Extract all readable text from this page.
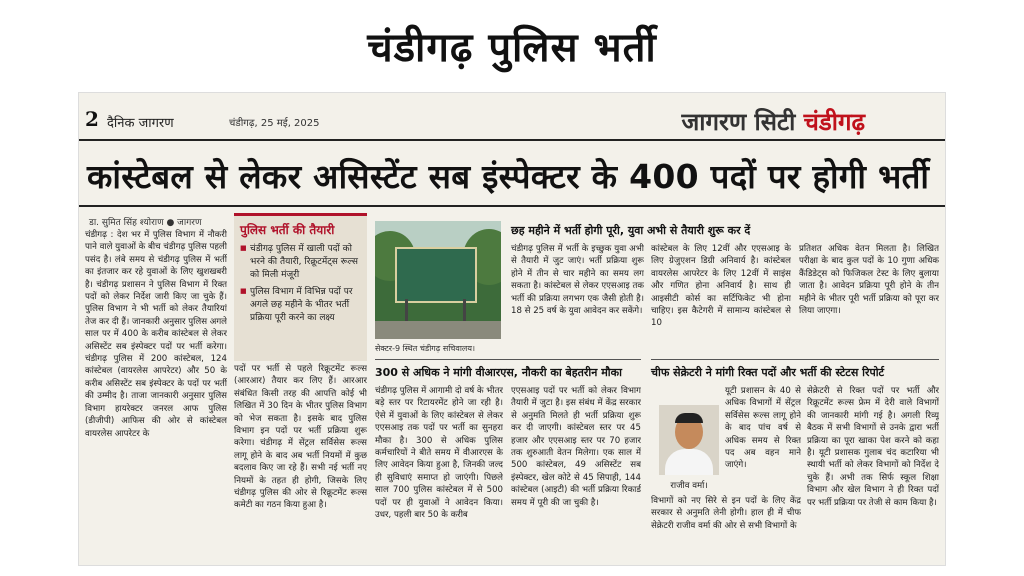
चंडीगढ़ पुलिस भर्ती
2 दैनिक जागरण	चंडीगढ़, 25 मई, 2025	जागरण सिटी चंडीगढ़
कांस्टेबल से लेकर असिस्टेंट सब इंस्पेक्टर के 400 पदों पर होगी भर्ती
डा. सुमित सिंह श्योराण ● जागरण
चंडीगढ़ : देश भर में पुलिस विभाग में नौकरी पाने वाले युवाओं के बीच चंडीगढ़ पुलिस पहली पसंद है। लंबे समय से चंडीगढ़ पुलिस में भर्ती का इंतजार कर रहे युवाओं के लिए खुशखबरी है। चंडीगढ़ प्रशासन ने पुलिस विभाग में रिक्त पदों को लेकर निर्देश जारी किए जा चुके हैं। पुलिस विभाग ने भी भर्ती को लेकर तैयारियां तेज कर दी हैं। जानकारी अनुसार पुलिस अगले साल पर में 400 के करीब कांस्टेबल से लेकर असिस्टेंट सब इंस्पेक्टर पदों पर भर्ती करेगा। चंडीगढ़ पुलिस में 200 कांस्टेबल, 124 कांस्टेबल (वायरलेस आपरेटर) और 50 के करीब असिस्टेंट सब इंस्पेक्टर के पदों पर भर्ती की उम्मीद है। ताजा जानकारी अनुसार पुलिस विभाग हायरेक्टर जनरल आफ पुलिस (डीजीपी) आफिस की ओर से कांस्टेबल वायरलेस आपरेटर के
पुलिस भर्ती की तैयारी
■ चंडीगढ़ पुलिस में खाली पदों को भरने की तैयारी, रिक्रूटमेंट्स रूल्स को मिली मंजूरी
■ पुलिस विभाग में विभिन्न पदों पर अगले छह महीने के भीतर भर्ती प्रक्रिया पूरी करने का लक्ष्य
पदों पर भर्ती से पहले रिक्रूटमेंट रूल्स (आरआर) तैयार कर लिए हैं। आरआर संबंधित किसी तरह की आपत्ति कोई भी लिखित में 30 दिन के भीतर पुलिस विभाग को भेज सकता है। इसके बाद पुलिस विभाग इन पदों पर भर्ती प्रक्रिया शुरू करेगा। चंडीगढ़ में सेंट्रल सर्विसेस रूल्स लागू होने के बाद अब भर्ती नियमों में कुछ बदलाव किए जा रहे हैं। सभी नई भर्ती नए नियमों के तहत ही होगी, जिसके लिए चंडीगढ़ पुलिस की ओर से रिक्रूटमेंट रूल्स कमेटी का गठन किया हुआ है।
सेक्टर-9 स्थित चंडीगढ़ सचिवालय।
छह महीने में भर्ती होगी पूरी, युवा अभी से तैयारी शुरू कर दें
चंडीगढ़ पुलिस में भर्ती के इच्छुक युवा अभी से तैयारी में जुट जाएं। भर्ती प्रक्रिया शुरू होने में तीन से चार महीने का समय लग सकता है। कांस्टेबल से लेकर एएसआइ तक भर्ती की प्रक्रिया लगभग एक जैसी होती है। 18 से 25 वर्ष के युवा आवेदन कर सकेंगे।
कांस्टेबल के लिए 12वीं और एएसआइ के लिए ग्रेजुएशन डिग्री अनिवार्य है। कांस्टेबल वायरलेस आपरेटर के लिए 12वीं में साइंस और गणित होना अनिवार्य है। साथ ही आइसीटी कोर्स का सर्टिफिकेट भी होना चाहिए। इस कैटेगरी में सामान्य कांस्टेबल से 10
प्रतिशत अधिक वेतन मिलता है। लिखित परीक्षा के बाद कुल पदों के 10 गुणा अधिक कैंडिडेट्स को फिजिकल टेस्ट के लिए बुलाया जाता है। आवेदन प्रक्रिया पूरी होने के तीन महीने के भीतर पूरी भर्ती प्रक्रिया को पूरा कर लिया जाएगा।
300 से अधिक ने मांगी वीआरएस, नौकरी का बेहतरीन मौका
चंडीगढ़ पुलिस में आगामी दो वर्ष के भीतर बड़े स्तर पर रिटायरमेंट होने जा रही है। ऐसे में युवाओं के लिए कांस्टेबल से लेकर एएसआइ तक पदों पर भर्ती का सुनहरा मौका है। 300 से अधिक पुलिस कर्मचारियों ने बीते समय में वीआरएस के लिए आवेदन किया हुआ है, जिनकी जल्द ही सुविधाएं समाप्त हो जाएंगी। पिछले साल 700 पुलिस कांस्टेबल में से 500 पदों पर ही युवाओं ने आवेदन किया। उधर, पहली बार 50 के करीब
एएसआइ पदों पर भर्ती को लेकर विभाग तैयारी में जुटा है। इस संबंध में केंद्र सरकार से अनुमति मिलते ही भर्ती प्रक्रिया शुरू कर दी जाएगी। कांस्टेबल स्तर पर 45 हजार और एएसआइ स्तर पर 70 हजार तक शुरुआती वेतन मिलेगा। एक साल में 500 कांस्टेबल, 49 असिस्टेंट सब इंस्पेक्टर, खेल कोटे से 45 सिपाही, 144 कांस्टेबल (आइटी) की भर्ती प्रक्रिया रिकार्ड समय में पूरी की जा चुकी है।
चीफ सेक्रेटरी ने मांगी रिक्त पदों और भर्ती की स्टेटस रिपोर्ट
राजीव वर्मा।
यूटी प्रशासन के 40 से अधिक विभागों में सेंट्रल सर्विसेस रूल्स लागू होने के बाद पांच वर्ष से अधिक समय से रिक्त पद अब वहन माने जाएंगे।
विभागों को नए सिरे से इन पदों के लिए केंद्र सरकार से अनुमति लेनी होगी। हाल ही में चीफ सेक्रेटरी राजीव वर्मा की ओर से सभी विभागों के
सेक्रेटरी से रिक्त पदों पर भर्ती और रिक्रूटमेंट रूल्स फ्रेम में देरी वाले विभागों की जानकारी मांगी गई है। अगली रिव्यू बैठक में सभी विभागों से उनके द्वारा भर्ती प्रक्रिया का पूरा खाका पेश करने को कहा है। यूटी प्रशासक गुलाब चंद कटारिया भी स्थायी भर्ती को लेकर विभागों को निर्देश दे चुके हैं। अभी तक सिर्फ स्कूल शिक्षा विभाग और खेल विभाग ने ही रिक्त पदों पर भर्ती प्रक्रिया पर तेजी से काम किया है।
